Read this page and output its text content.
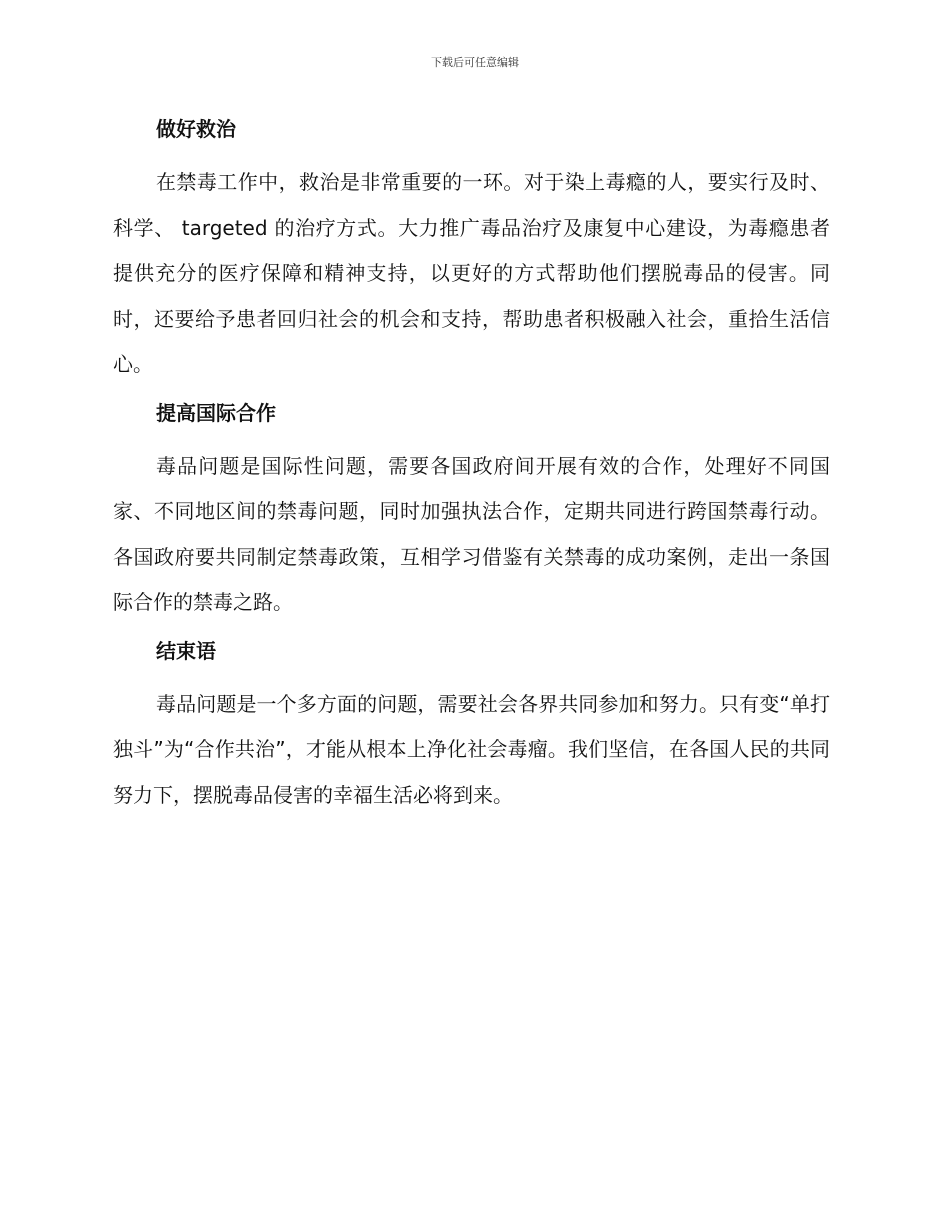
下载后可任意编辑
做好救治

在禁毒工作中，救治是非常重要的一环。对于染上毒瘾的人，要实行及时、科学、 targeted 的治疗方式。大力推广毒品治疗及康复中心建设，为毒瘾患者提供充分的医疗保障和精神支持，以更好的方式帮助他们摆脱毒品的侵害。同时，还要给予患者回归社会的机会和支持，帮助患者积极融入社会，重拾生活信心。

提高国际合作

毒品问题是国际性问题，需要各国政府间开展有效的合作，处理好不同国家、不同地区间的禁毒问题，同时加强执法合作，定期共同进行跨国禁毒行动。各国政府要共同制定禁毒政策，互相学习借鉴有关禁毒的成功案例，走出一条国际合作的禁毒之路。

结束语

毒品问题是一个多方面的问题，需要社会各界共同参加和努力。只有变“单打独斗”为“合作共治”，才能从根本上净化社会毒瘤。我们坚信，在各国人民的共同努力下，摆脱毒品侵害的幸福生活必将到来。
